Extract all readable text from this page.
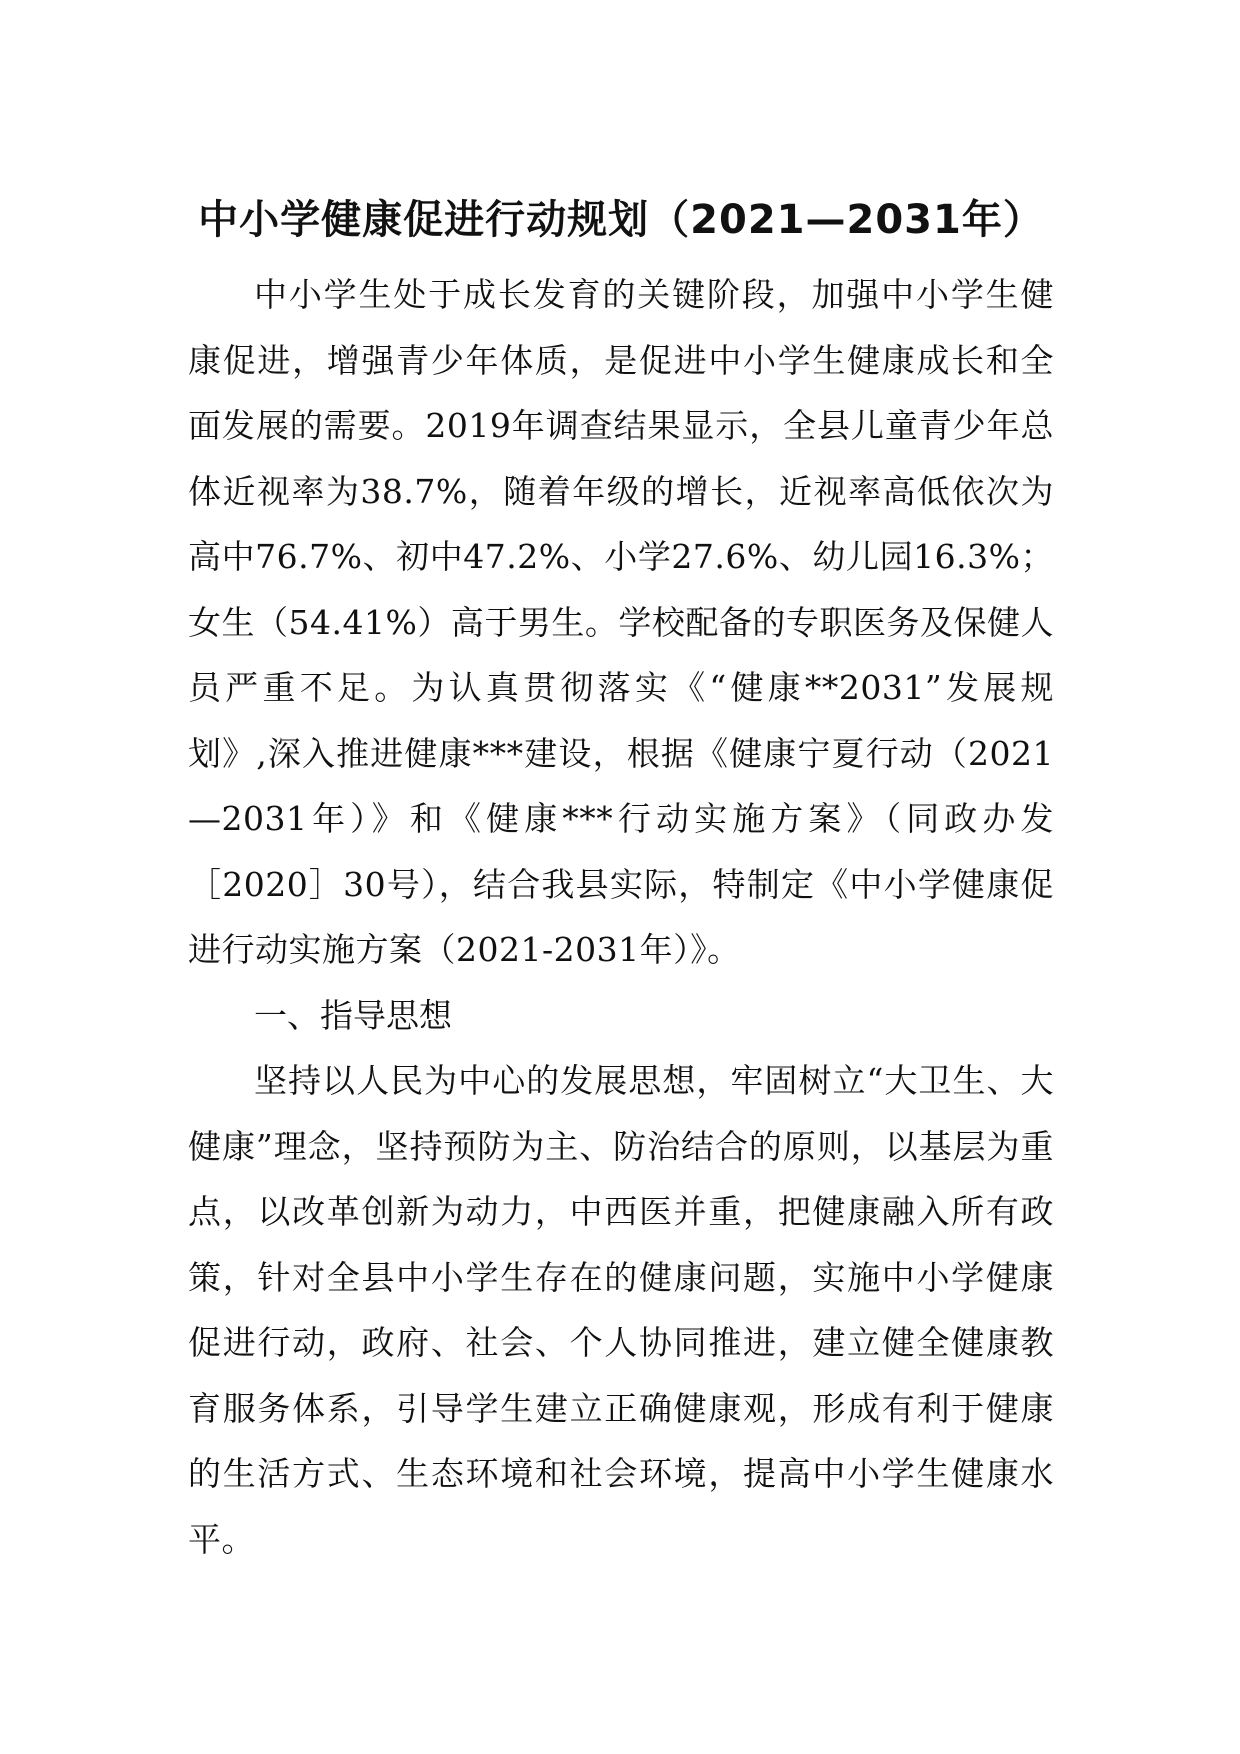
中小学健康促进行动规划（2021—2031年）

中小学生处于成长发育的关键阶段，加强中小学生健康促进，增强青少年体质，是促进中小学生健康成长和全面发展的需要。2019年调查结果显示，全县儿童青少年总体近视率为38.7%，随着年级的增长，近视率高低依次为高中76.7%、初中47.2%、小学27.6%、幼儿园16.3%；女生（54.41%）高于男生。学校配备的专职医务及保健人员严重不足。为认真贯彻落实《“健康**2031”发展规划》,深入推进健康***建设，根据《健康宁夏行动（2021—2031年）》和《健康***行动实施方案》（同政办发［2020］30号），结合我县实际，特制定《中小学健康促进行动实施方案（2021-2031年）》。

一、指导思想

坚持以人民为中心的发展思想，牢固树立“大卫生、大健康”理念，坚持预防为主、防治结合的原则，以基层为重点，以改革创新为动力，中西医并重，把健康融入所有政策，针对全县中小学生存在的健康问题，实施中小学健康促进行动，政府、社会、个人协同推进，建立健全健康教育服务体系，引导学生建立正确健康观，形成有利于健康的生活方式、生态环境和社会环境，提高中小学生健康水平。
